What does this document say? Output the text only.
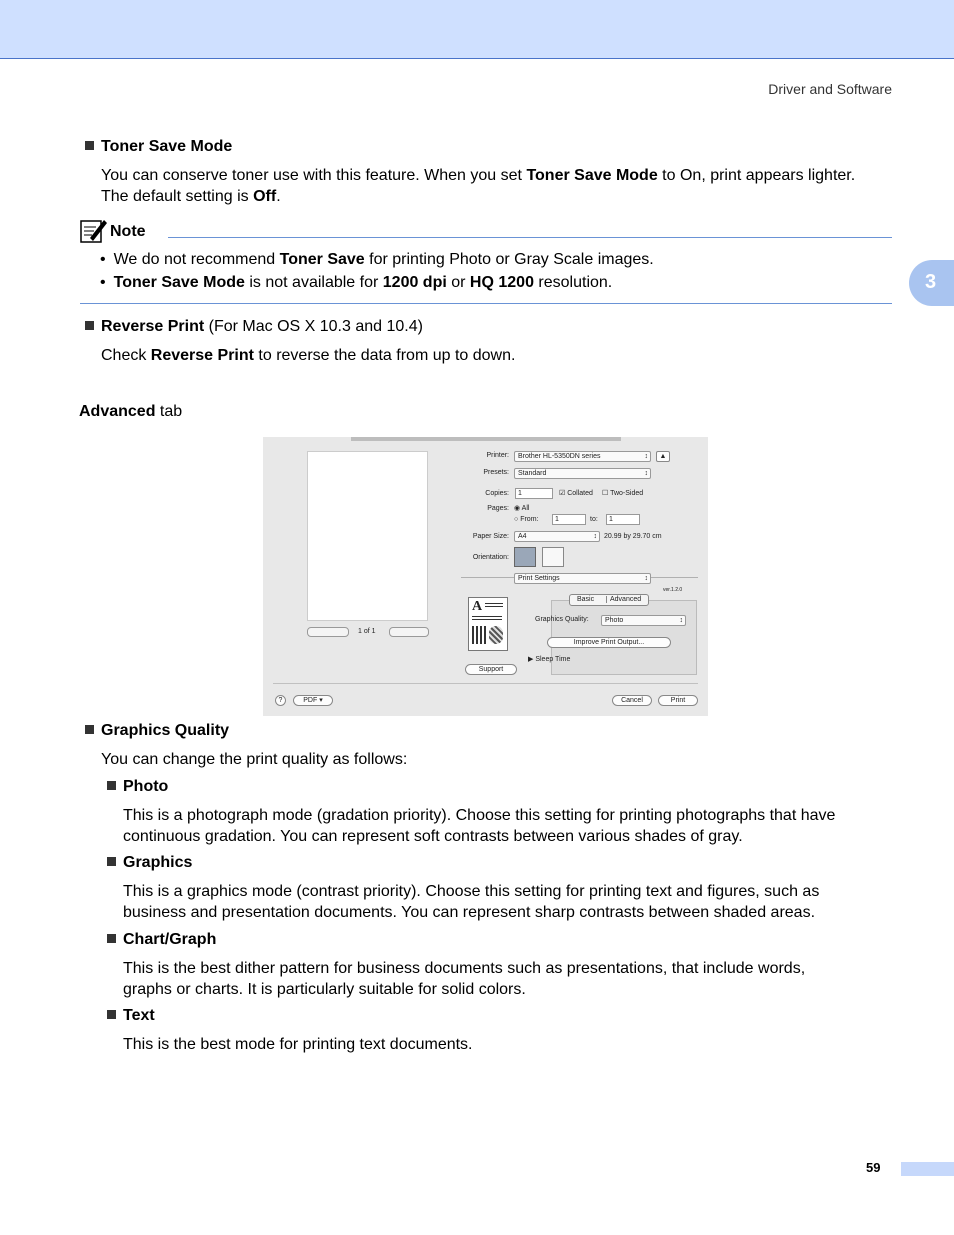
Driver and Software
3
Toner Save Mode
You can conserve toner use with this feature. When you set Toner Save Mode to On, print appears lighter.
The default setting is Off.
Note
• We do not recommend Toner Save for printing Photo or Gray Scale images.
• Toner Save Mode is not available for 1200 dpi or HQ 1200 resolution.
Reverse Print (For Mac OS X 10.3 and 10.4)
Check Reverse Print to reverse the data from up to down.
Advanced tab
1 of 1
Printer:	Brother HL-5350DN series ↕	▲
Presets:	Standard ↕
Copies:	1	☑ Collated ☐ Two-Sided
Pages: ◉ All
○ From:	1	to:	1
Paper Size:	A4 ↕	20.99 by 29.70 cm
Orientation:
Print Settings ↕
ver.1.2.0
Basic	Advanced
A
Graphics Quality:	Photo ↕
Improve Print Output...
▶ Sleep Time
Support
?	PDF ▾	Cancel	Print
Graphics Quality
You can change the print quality as follows:
Photo
This is a photograph mode (gradation priority). Choose this setting for printing photographs that have
continuous gradation. You can represent soft contrasts between various shades of gray.
Graphics
This is a graphics mode (contrast priority). Choose this setting for printing text and figures, such as
business and presentation documents. You can represent sharp contrasts between shaded areas.
Chart/Graph
This is the best dither pattern for business documents such as presentations, that include words,
graphs or charts. It is particularly suitable for solid colors.
Text
This is the best mode for printing text documents.
59
